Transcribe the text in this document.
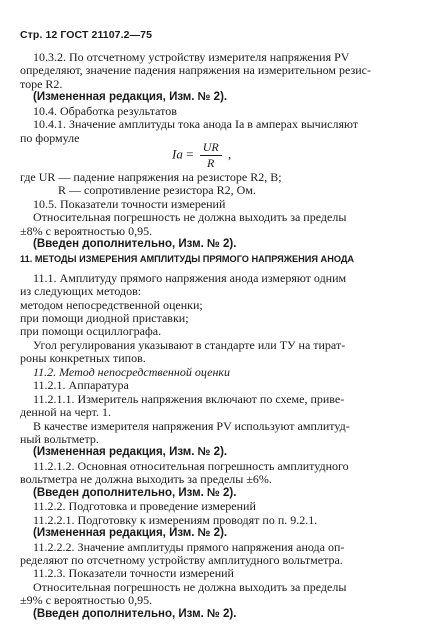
Стр. 12 ГОСТ 21107.2—75
10.3.2. По отсчетному устройству измерителя напряжения PV
определяют, значение падения напряжения на измерительном резис-
торе R2.
(Измененная редакция, Изм. № 2).
10.4. Обработка результатов
10.4.1. Значение амплитуды тока анода Iа в амперах вычисляют
по формуле
Iа = $\frac{UR}{R}$ ,
где UR — падение напряжения на резисторе R2, В;
R — сопротивление резистора R2, Ом.
10.5. Показатели точности измерений
Относительная погрешность не должна выходить за пределы
±8% с вероятностью 0,95.
11. МЕТОДЫ ИЗМЕРЕНИЯ АМПЛИТУДЫ ПРЯМОГО НАПРЯЖЕНИЯ АНОДА
11.1. Амплитуду прямого напряжения анода измеряют одним
из следующих методов:
методом непосредственной оценки;
при помощи диодной приставки;
при помощи осциллографа.
Угол регулирования указывают в стандарте или ТУ на тират-
роны конкретных типов.
11.2. Метод непосредственной оценки
11.2.1. Аппаратура
11.2.1.1. Измеритель напряжения включают по схеме, приве-
денной на черт. 1.
В качестве измерителя напряжения PV используют амплитуд-
ный вольтметр.
(Измененная редакция, Изм. № 2).
11.2.1.2. Основная относительная погрешность амплитудного
вольтметра не должна выходить за пределы ±6%.
(Введен дополнительно, Изм. № 2).
11.2.2. Подготовка и проведение измерений
11.2.2.1. Подготовку к измерениям проводят по п. 9.2.1.
(Измененная редакция, Изм. № 2).
11.2.2.2. Значение амплитуды прямого напряжения анода оп-
ределяют по отсчетному устройству амплитудного вольтметра.
11.2.3. Показатели точности измерений
Относительная погрешность не должна выходить за пределы
±9% с вероятностью 0,95.
(Введен дополнительно, Изм. № 2).
(Введен дополнительно, Изм. № 2).
